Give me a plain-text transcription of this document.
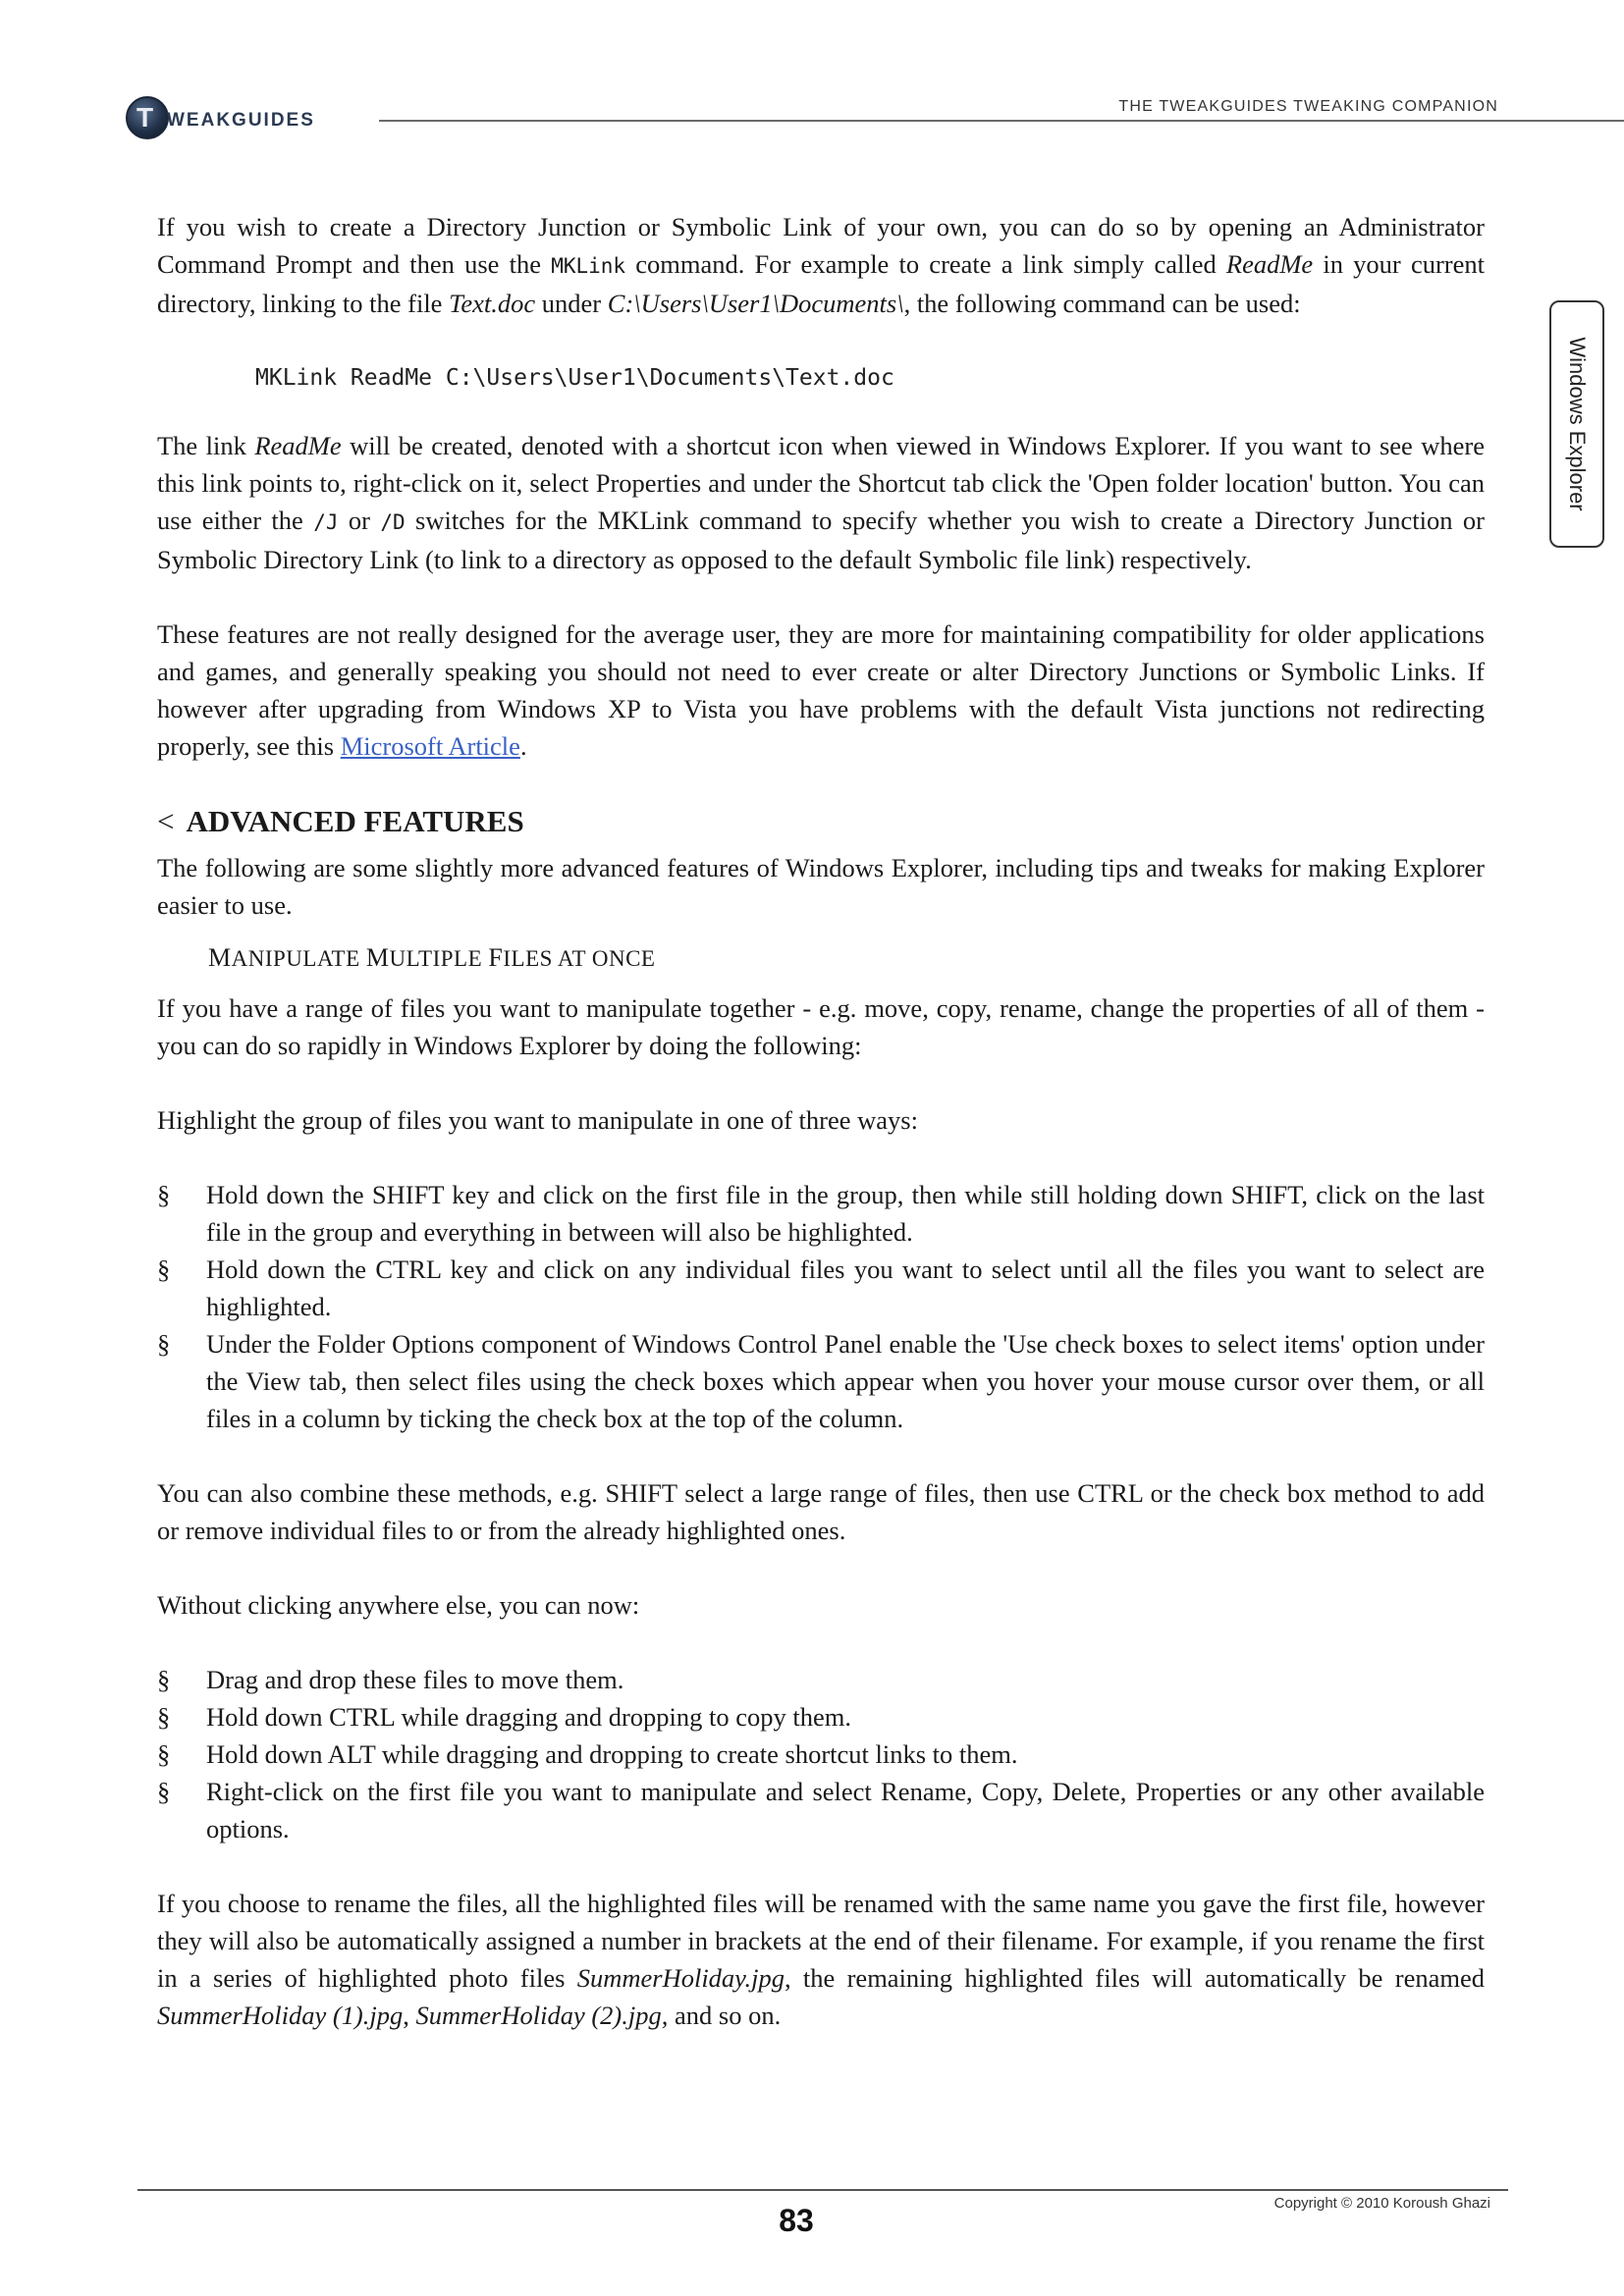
T WEAKGUIDES
THE TWEAKGUIDES TWEAKING COMPANION
Windows Explorer

If you wish to create a Directory Junction or Symbolic Link of your own, you can do so by opening an Administrator Command Prompt and then use the MKLink command. For example to create a link simply called ReadMe in your current directory, linking to the file Text.doc under C:\Users\User1\Documents\, the following command can be used:

MKLink ReadMe C:\Users\User1\Documents\Text.doc

The link ReadMe will be created, denoted with a shortcut icon when viewed in Windows Explorer. If you want to see where this link points to, right-click on it, select Properties and under the Shortcut tab click the 'Open folder location' button. You can use either the /J or /D switches for the MKLink command to specify whether you wish to create a Directory Junction or Symbolic Directory Link (to link to a directory as opposed to the default Symbolic file link) respectively.

These features are not really designed for the average user, they are more for maintaining compatibility for older applications and games, and generally speaking you should not need to ever create or alter Directory Junctions or Symbolic Links. If however after upgrading from Windows XP to Vista you have problems with the default Vista junctions not redirecting properly, see this Microsoft Article.

< ADVANCED FEATURES

The following are some slightly more advanced features of Windows Explorer, including tips and tweaks for making Explorer easier to use.

MANIPULATE MULTIPLE FILES AT ONCE

If you have a range of files you want to manipulate together - e.g. move, copy, rename, change the properties of all of them - you can do so rapidly in Windows Explorer by doing the following:

Highlight the group of files you want to manipulate in one of three ways:

§ Hold down the SHIFT key and click on the first file in the group, then while still holding down SHIFT, click on the last file in the group and everything in between will also be highlighted.
§ Hold down the CTRL key and click on any individual files you want to select until all the files you want to select are highlighted.
§ Under the Folder Options component of Windows Control Panel enable the 'Use check boxes to select items' option under the View tab, then select files using the check boxes which appear when you hover your mouse cursor over them, or all files in a column by ticking the check box at the top of the column.

You can also combine these methods, e.g. SHIFT select a large range of files, then use CTRL or the check box method to add or remove individual files to or from the already highlighted ones.

Without clicking anywhere else, you can now:

§ Drag and drop these files to move them.
§ Hold down CTRL while dragging and dropping to copy them.
§ Hold down ALT while dragging and dropping to create shortcut links to them.
§ Right-click on the first file you want to manipulate and select Rename, Copy, Delete, Properties or any other available options.

If you choose to rename the files, all the highlighted files will be renamed with the same name you gave the first file, however they will also be automatically assigned a number in brackets at the end of their filename. For example, if you rename the first in a series of highlighted photo files SummerHoliday.jpg, the remaining highlighted files will automatically be renamed SummerHoliday (1).jpg, SummerHoliday (2).jpg, and so on.

83	Copyright © 2010 Koroush Ghazi
